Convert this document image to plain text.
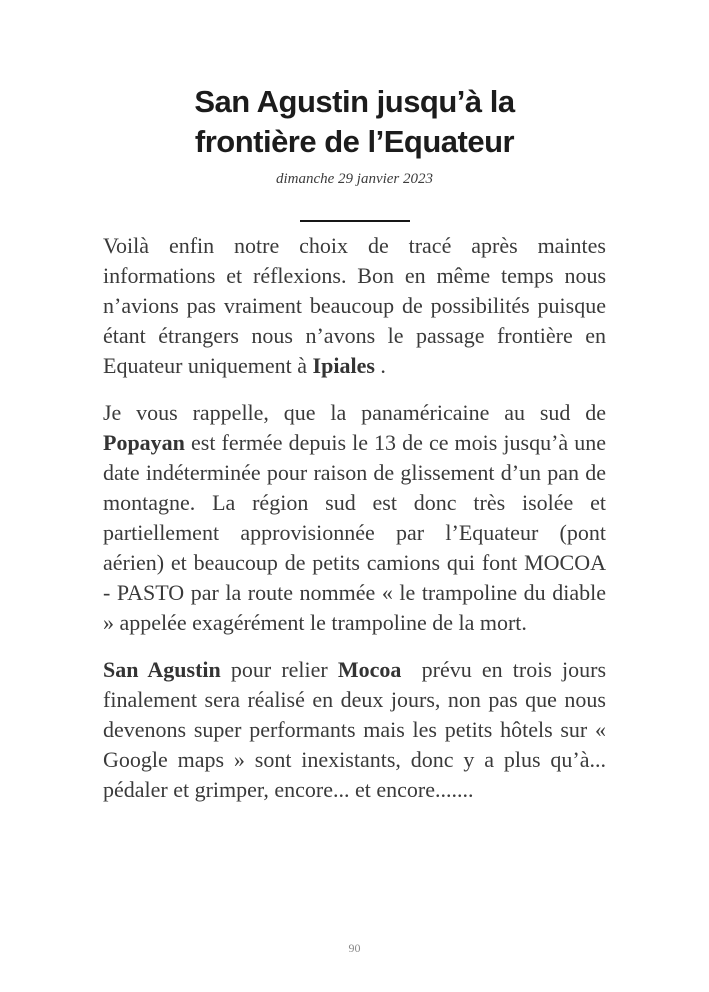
San Agustin jusqu’à la
frontière de l’Equateur
dimanche 29 janvier 2023

Voilà enfin notre choix de tracé après maintes informations et réflexions. Bon en même temps nous n’avions pas vraiment beaucoup de possibilités puisque étant étrangers nous n’avons le passage frontière en Equateur uniquement à Ipiales .

Je vous rappelle, que la panaméricaine au sud de Popayan est fermée depuis le 13 de ce mois jusqu’à une date indéterminée pour raison de glissement d’un pan de montagne. La région sud est donc très isolée et partiellement approvisionnée par l’Equateur (pont aérien) et beaucoup de petits camions qui font MOCOA - PASTO par la route nommée « le trampoline du diable » appelée exagérément le trampoline de la mort.

San Agustin pour relier Mocoa  prévu en trois jours finalement sera réalisé en deux jours, non pas que nous devenons super performants mais les petits hôtels sur « Google maps » sont inexistants, donc y a plus qu’à... pédaler et grimper, encore... et encore.......

90
